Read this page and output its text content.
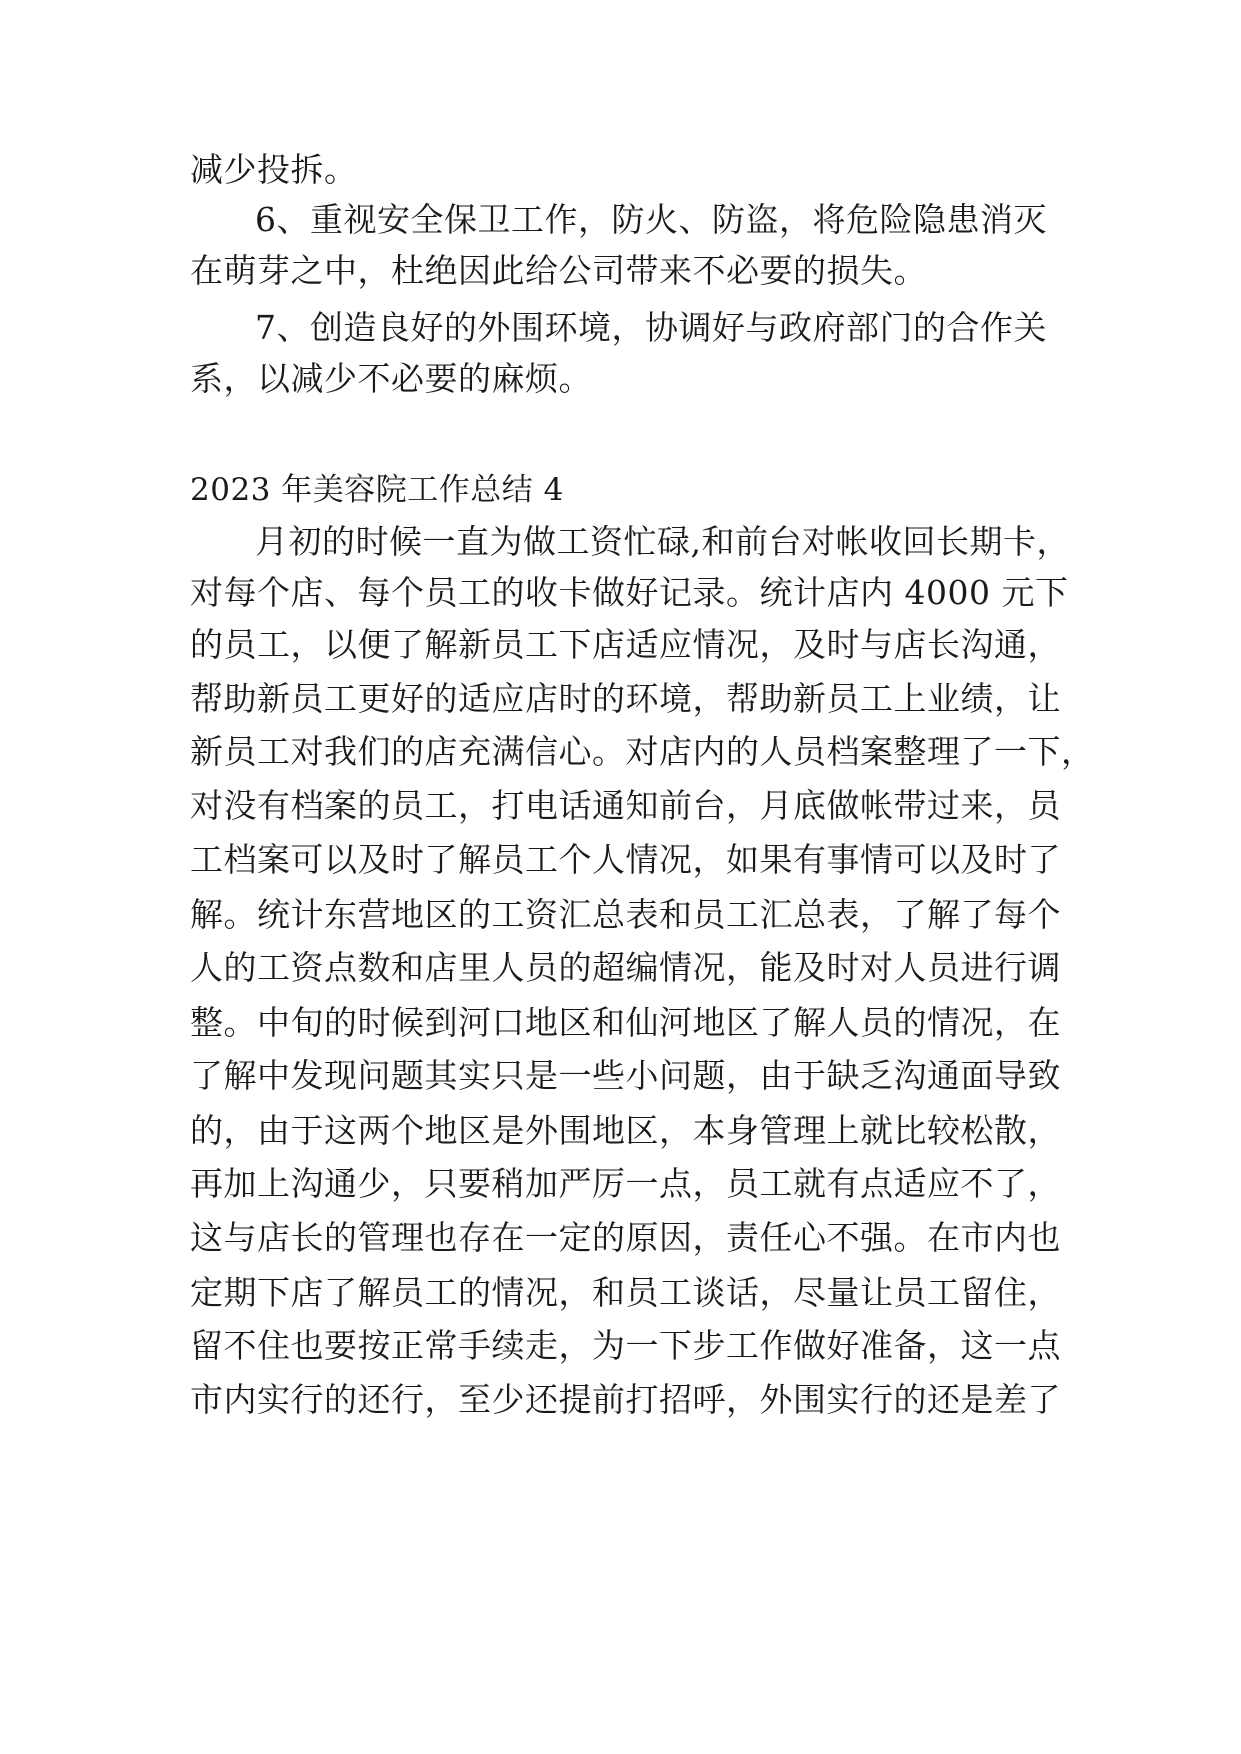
减少投拆。
6、重视安全保卫工作，防火、防盗，将危险隐患消灭
在萌芽之中，杜绝因此给公司带来不必要的损失。
7、创造良好的外围环境，协调好与政府部门的合作关
系，以减少不必要的麻烦。
2023 年美容院工作总结 4
月初的时候一直为做工资忙碌,和前台对帐收回长期卡，
对每个店、每个员工的收卡做好记录。统计店内 4000 元下
的员工，以便了解新员工下店适应情况，及时与店长沟通，
帮助新员工更好的适应店时的环境，帮助新员工上业绩，让
新员工对我们的店充满信心。对店内的人员档案整理了一下，
对没有档案的员工，打电话通知前台，月底做帐带过来，员
工档案可以及时了解员工个人情况，如果有事情可以及时了
解。统计东营地区的工资汇总表和员工汇总表，了解了每个
人的工资点数和店里人员的超编情况，能及时对人员进行调
整。中旬的时候到河口地区和仙河地区了解人员的情况，在
了解中发现问题其实只是一些小问题，由于缺乏沟通面导致
的，由于这两个地区是外围地区，本身管理上就比较松散，
再加上沟通少，只要稍加严厉一点，员工就有点适应不了，
这与店长的管理也存在一定的原因，责任心不强。在市内也
定期下店了解员工的情况，和员工谈话，尽量让员工留住，
留不住也要按正常手续走，为一下步工作做好准备，这一点
市内实行的还行，至少还提前打招呼，外围实行的还是差了
